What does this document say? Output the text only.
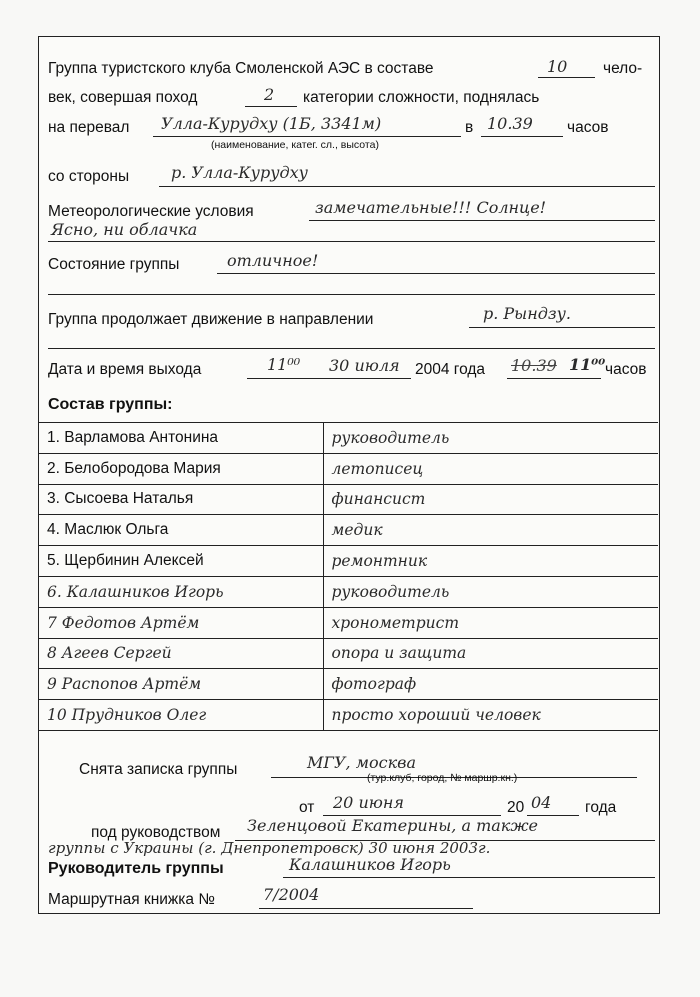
Группа туристского клуба Смоленской АЭС в составе	10 чело-
век, совершая поход	2 категории сложности, поднялась
на перевал Улла-Курудху (1Б, 3341м)	в 10.39 часов
(наименование, катег. сл., высота)
со стороны	р. Улла-Курудху
Метеорологические условия	замечательные!!! Солнце!
Ясно, ни облачка
Состояние группы	отличное!
Группа продолжает движение в направлении	р. Рындзу.
Дата и время выхода	11⁰⁰ 30 июля 2004 года 10.39 11⁰⁰ часов
Состав группы:
1. Варламова Антонина	руководитель
2. Белобородова Мария	летописец
3. Сысоева Наталья	финансист
4. Маслюк Ольга	медик
5. Щербинин Алексей	ремонтник
6. Калашников Игорь	руководитель
7 Федотов Артём	хронометрист
8 Агеев Сергей	опора и защита
9 Распопов Артём	фотограф
10 Прудников Олег	просто хороший человек
Снята записка группы	МГУ, москва
(тур.клуб, город, № маршр.кн.)
от 20 июня	20 04 года
под руководством Зеленцовой Екатерины, а также
группы с Украины (г. Днепропетровск) 30 июня 2003г.
Руководитель группы	Калашников Игорь
Маршрутная книжка №	7/2004
